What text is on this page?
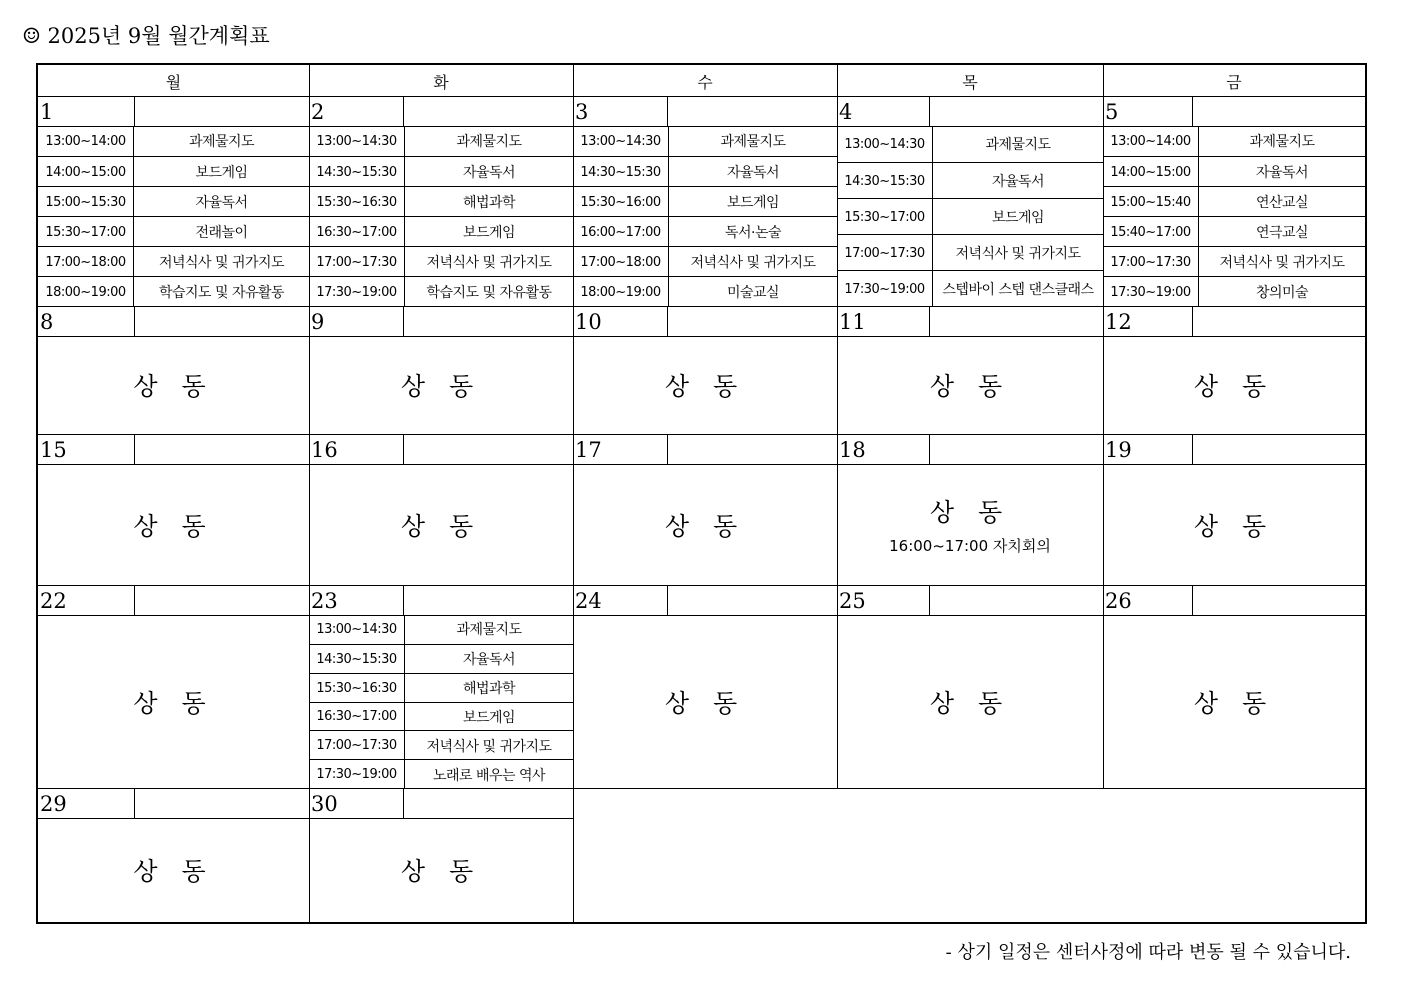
☺ 2025년 9월 월간계획표
월	화	수	목	금
1
13:00~14:00	과제물지도
14:00~15:00	보드게임
15:00~15:30	자율독서
15:30~17:00	전래놀이
17:00~18:00	저녁식사 및 귀가지도
18:00~19:00	학습지도 및 자유활동
2
13:00~14:30	과제물지도
14:30~15:30	자율독서
15:30~16:30	해법과학
16:30~17:00	보드게임
17:00~17:30	저녁식사 및 귀가지도
17:30~19:00	학습지도 및 자유활동
3
13:00~14:30	과제물지도
14:30~15:30	자율독서
15:30~16:00	보드게임
16:00~17:00	독서·논술
17:00~18:00	저녁식사 및 귀가지도
18:00~19:00	미술교실
4
13:00~14:30	과제물지도
14:30~15:30	자율독서
15:30~17:00	보드게임
17:00~17:30	저녁식사 및 귀가지도
17:30~19:00	스텝바이 스텝 댄스클래스
5
13:00~14:00	과제물지도
14:00~15:00	자율독서
15:00~15:40	연산교실
15:40~17:00	연극교실
17:00~17:30	저녁식사 및 귀가지도
17:30~19:00	창의미술
8
상 동
9
상 동
10
상 동
11
상 동
12
상 동
15
상 동
16
상 동
17
상 동
18
상 동
16:00~17:00 자치회의
19
상 동
22
상 동
23
13:00~14:30	과제물지도
14:30~15:30	자율독서
15:30~16:30	해법과학
16:30~17:00	보드게임
17:00~17:30	저녁식사 및 귀가지도
17:30~19:00	노래로 배우는 역사
24
상 동
25
상 동
26
상 동
29
상 동
30
상 동
- 상기 일정은 센터사정에 따라 변동 될 수 있습니다.
